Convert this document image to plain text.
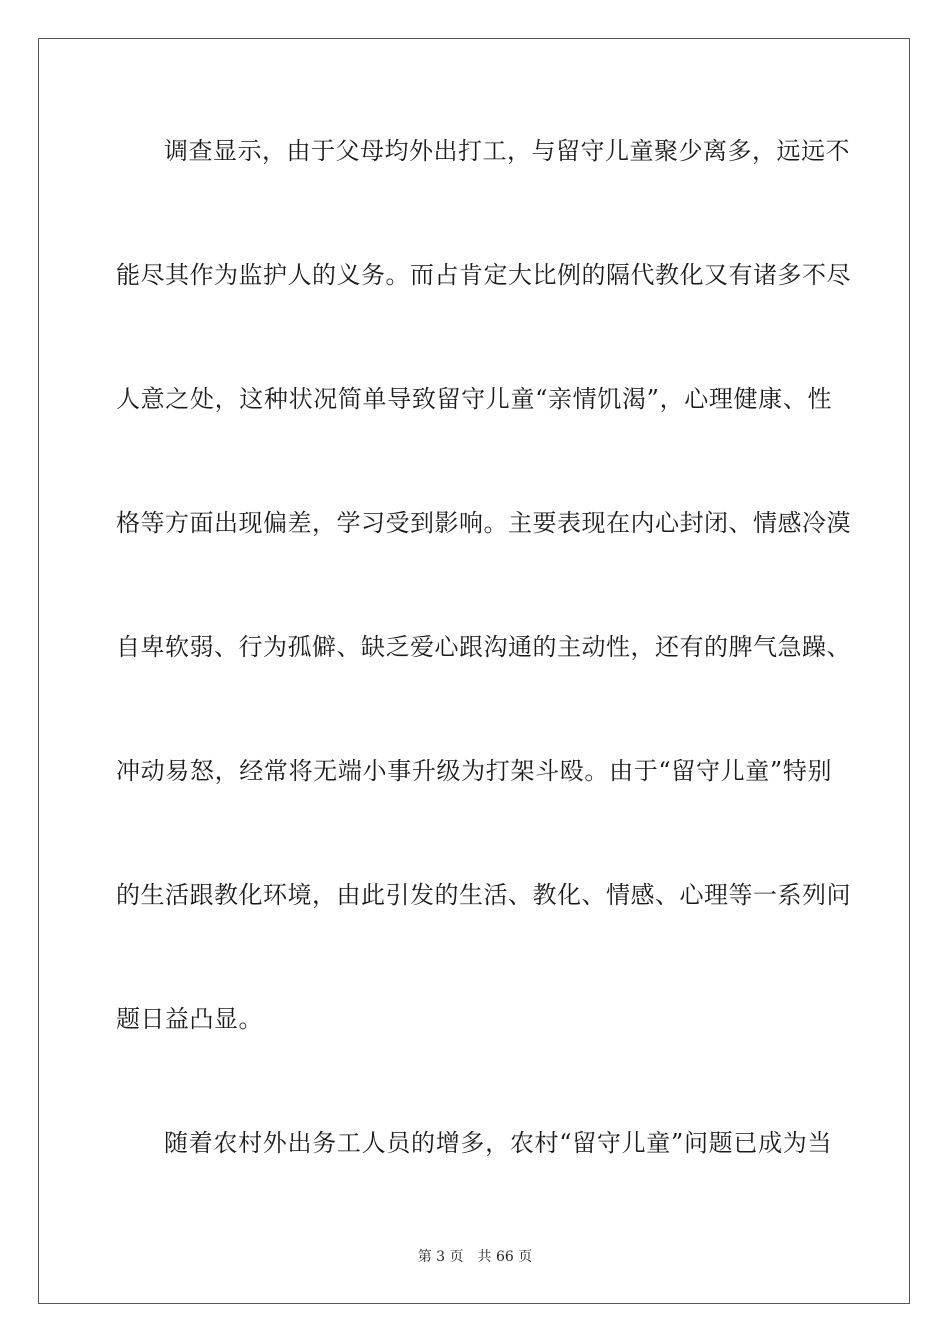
调查显示，由于父母均外出打工，与留守儿童聚少离多，远远不
能尽其作为监护人的义务。而占肯定大比例的隔代教化又有诸多不尽
人意之处，这种状况简单导致留守儿童“亲情饥渴”，心理健康、性
格等方面出现偏差，学习受到影响。主要表现在内心封闭、情感冷漠
自卑软弱、行为孤僻、缺乏爱心跟沟通的主动性，还有的脾气急躁、
冲动易怒，经常将无端小事升级为打架斗殴。由于“留守儿童”特别
的生活跟教化环境，由此引发的生活、教化、情感、心理等一系列问
题日益凸显。
随着农村外出务工人员的增多，农村“留守儿童”问题已成为当
第 3 页 共 66 页
